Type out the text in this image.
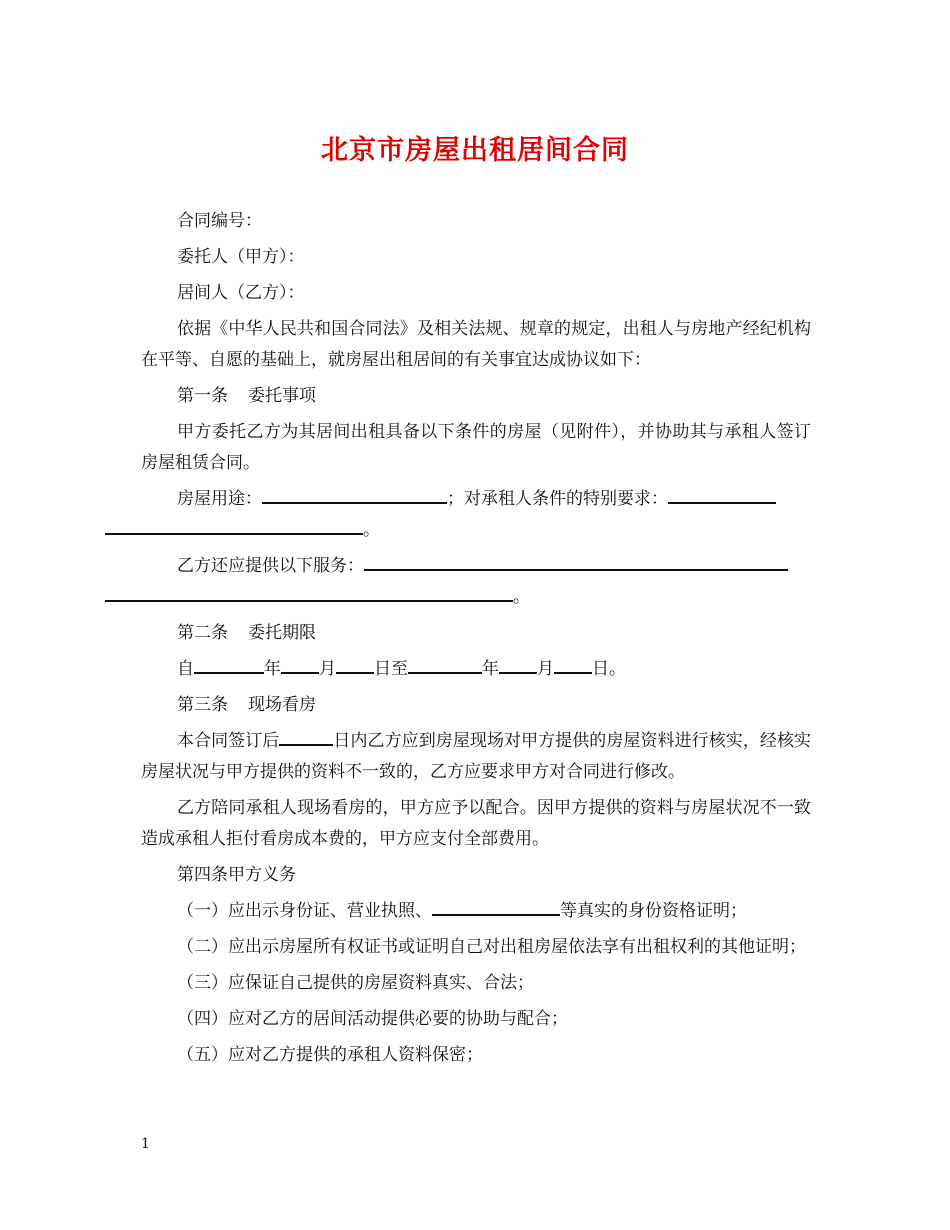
北京市房屋出租居间合同

合同编号：

委托人（甲方）：

居间人（乙方）：

依据《中华人民共和国合同法》及相关法规、规章的规定，出租人与房地产经纪机构在平等、自愿的基础上，就房屋出租居间的有关事宜达成协议如下：

第一条 委托事项

甲方委托乙方为其居间出租具备以下条件的房屋（见附件），并协助其与承租人签订房屋租赁合同。

房屋用途：	；对承租人条件的特别要求：
。

乙方还应提供以下服务：
。

第二条 委托期限

自	年 月 日至	年 月 日。

第三条 现场看房

本合同签订后	日内乙方应到房屋现场对甲方提供的房屋资料进行核实，经核实房屋状况与甲方提供的资料不一致的，乙方应要求甲方对合同进行修改。

乙方陪同承租人现场看房的，甲方应予以配合。因甲方提供的资料与房屋状况不一致造成承租人拒付看房成本费的，甲方应支付全部费用。

第四条甲方义务

（一）应出示身份证、营业执照、	等真实的身份资格证明；

（二）应出示房屋所有权证书或证明自己对出租房屋依法享有出租权利的其他证明；

（三）应保证自己提供的房屋资料真实、合法；

（四）应对乙方的居间活动提供必要的协助与配合；

（五）应对乙方提供的承租人资料保密；

1
